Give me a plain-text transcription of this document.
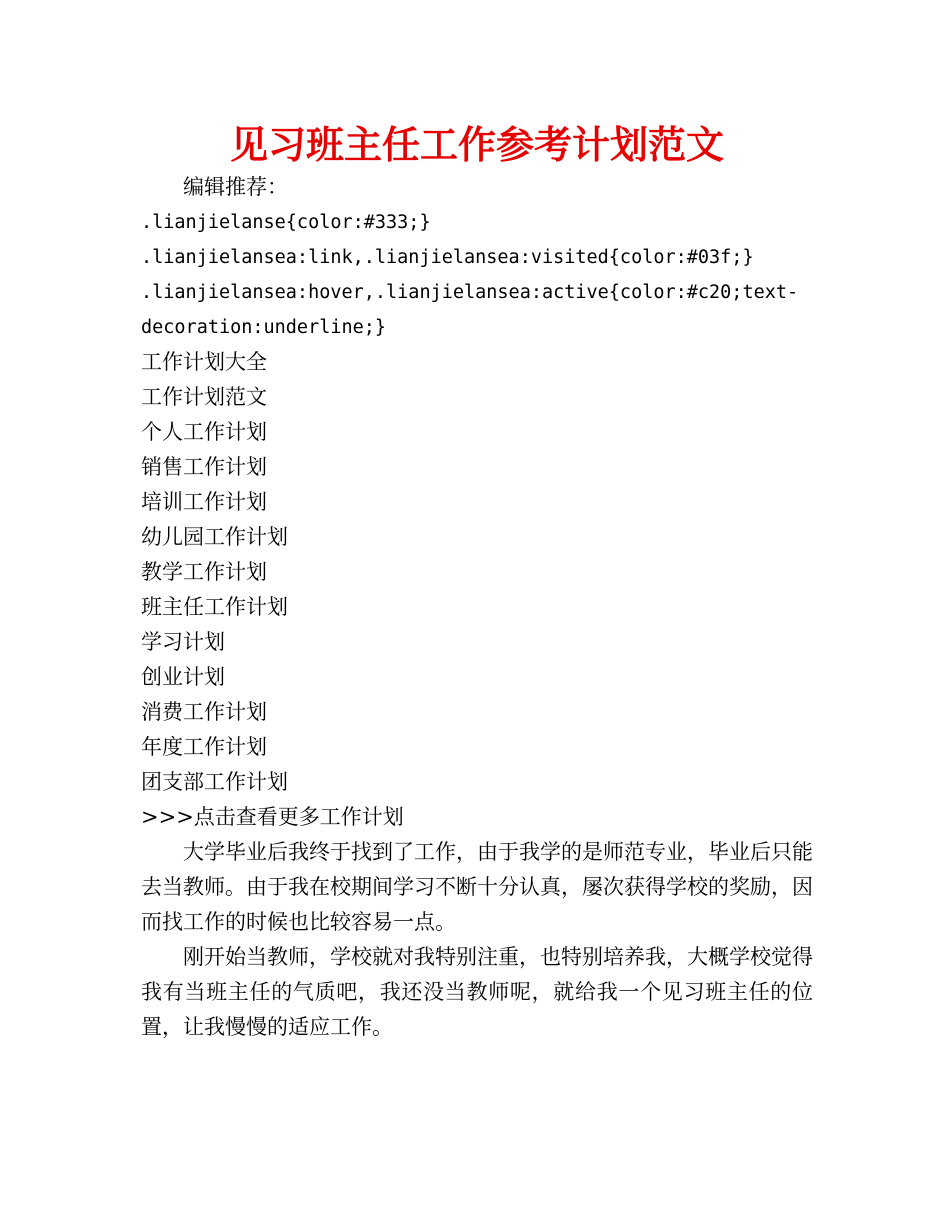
见习班主任工作参考计划范文
编辑推荐：
.lianjielanse{color:#333;}
.lianjielansea:link,.lianjielansea:visited{color:#03f;}
.lianjielansea:hover,.lianjielansea:active{color:#c20;text-
decoration:underline;}
工作计划大全
工作计划范文
个人工作计划
销售工作计划
培训工作计划
幼儿园工作计划
教学工作计划
班主任工作计划
学习计划
创业计划
消费工作计划
年度工作计划
团支部工作计划
>>>点击查看更多工作计划

大学毕业后我终于找到了工作，由于我学的是师范专业，毕业后只能去当教师。由于我在校期间学习不断十分认真，屡次获得学校的奖励，因而找工作的时候也比较容易一点。

刚开始当教师，学校就对我特别注重，也特别培养我，大概学校觉得我有当班主任的气质吧，我还没当教师呢，就给我一个见习班主任的位置，让我慢慢的适应工作。
